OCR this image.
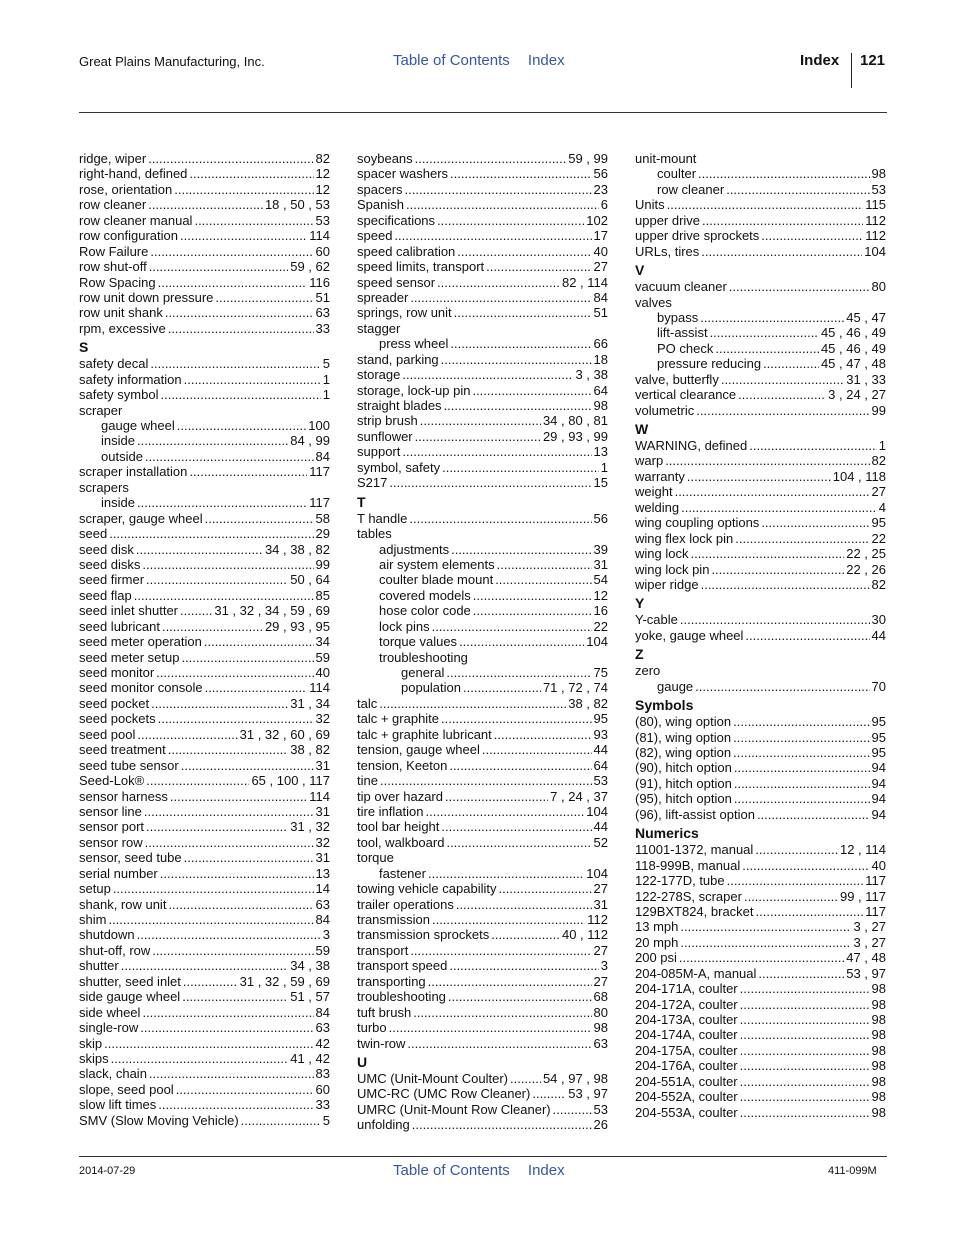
Great Plains Manufacturing, Inc.	Table of Contents Index	Index 121
ridge, wiper .....	82
right-hand, defined .....	12
rose, orientation .....	12
row cleaner .....	18 , 50 , 53
row cleaner manual .....	53
row configuration .....	114
Row Failure .....	60
row shut-off .....	59 , 62
Row Spacing .....	116
row unit down pressure .....	51
row unit shank .....	63
rpm, excessive .....	33
S
safety decal .....	5
safety information .....	1
safety symbol .....	1
scraper
gauge wheel .....	100
inside .....	84 , 99
outside .....	84
scraper installation .....	117
scrapers
inside .....	117
scraper, gauge wheel .....	58
seed .....	29
seed disk .....	34 , 38 , 82
seed disks .....	99
seed firmer .....	50 , 64
seed flap .....	85
seed inlet shutter .....	31 , 32 , 34 , 59 , 69
seed lubricant .....	29 , 93 , 95
seed meter operation .....	34
seed meter setup .....	59
seed monitor .....	40
seed monitor console .....	114
seed pocket .....	31 , 34
seed pockets .....	32
seed pool .....	31 , 32 , 60 , 69
seed treatment .....	38 , 82
seed tube sensor .....	31
Seed-Lok® .....	65 , 100 , 117
sensor harness .....	114
sensor line .....	31
sensor port .....	31 , 32
sensor row .....	32
sensor, seed tube .....	31
serial number .....	13
setup .....	14
shank, row unit .....	63
shim .....	84
shutdown .....	3
shut-off, row .....	59
shutter .....	34 , 38
shutter, seed inlet .....	31 , 32 , 59 , 69
side gauge wheel .....	51 , 57
side wheel .....	84
single-row .....	63
skip .....	42
skips .....	41 , 42
slack, chain .....	83
slope, seed pool .....	60
slow lift times .....	33
SMV (Slow Moving Vehicle) .....	5
soybeans .....	59 , 99
spacer washers .....	56
spacers .....	23
Spanish .....	6
specifications .....	102
speed .....	17
speed calibration .....	40
speed limits, transport .....	27
speed sensor .....	82 , 114
spreader .....	84
springs, row unit .....	51
stagger
press wheel .....	66
stand, parking .....	18
storage .....	3 , 38
storage, lock-up pin .....	64
straight blades .....	98
strip brush .....	34 , 80 , 81
sunflower .....	29 , 93 , 99
support .....	13
symbol, safety .....	1
S217 .....	15
T
T handle .....	56
tables
adjustments .....	39
air system elements .....	31
coulter blade mount .....	54
covered models .....	12
hose color code .....	16
lock pins .....	22
torque values .....	104
troubleshooting
general .....	75
population .....	71 , 72 , 74
talc .....	38 , 82
talc + graphite .....	95
talc + graphite lubricant .....	93
tension, gauge wheel .....	44
tension, Keeton .....	64
tine .....	53
tip over hazard .....	7 , 24 , 37
tire inflation .....	104
tool bar height .....	44
tool, walkboard .....	52
torque
fastener .....	104
towing vehicle capability .....	27
trailer operations .....	31
transmission .....	112
transmission sprockets .....	40 , 112
transport .....	27
transport speed .....	3
transporting .....	27
troubleshooting .....	68
tuft brush .....	80
turbo .....	98
twin-row .....	63
U
UMC (Unit-Mount Coulter) .....	54 , 97 , 98
UMC-RC (UMC Row Cleaner) .....	53 , 97
UMRC (Unit-Mount Row Cleaner) .....	53
unfolding .....	26
unit-mount
coulter .....	98
row cleaner .....	53
Units .....	115
upper drive .....	112
upper drive sprockets .....	112
URLs, tires .....	104
V
vacuum cleaner .....	80
valves
bypass .....	45 , 47
lift-assist .....	45 , 46 , 49
PO check .....	45 , 46 , 49
pressure reducing .....	45 , 47 , 48
valve, butterfly .....	31 , 33
vertical clearance .....	3 , 24 , 27
volumetric .....	99
W
WARNING, defined .....	1
warp .....	82
warranty .....	104 , 118
weight .....	27
welding .....	4
wing coupling options .....	95
wing flex lock pin .....	22
wing lock .....	22 , 25
wing lock pin .....	22 , 26
wiper ridge .....	82
Y
Y-cable .....	30
yoke, gauge wheel .....	44
Z
zero
gauge .....	70
Symbols
(80), wing option .....	95
(81), wing option .....	95
(82), wing option .....	95
(90), hitch option .....	94
(91), hitch option .....	94
(95), hitch option .....	94
(96), lift-assist option .....	94
Numerics
11001-1372, manual .....	12 , 114
118-999B, manual .....	40
122-177D, tube .....	117
122-278S, scraper .....	99 , 117
129BXT824, bracket .....	117
13 mph .....	3 , 27
20 mph .....	3 , 27
200 psi .....	47 , 48
204-085M-A, manual .....	53 , 97
204-171A, coulter .....	98
204-172A, coulter .....	98
204-173A, coulter .....	98
204-174A, coulter .....	98
204-175A, coulter .....	98
204-176A, coulter .....	98
204-551A, coulter .....	98
204-552A, coulter .....	98
204-553A, coulter .....	98
2014-07-29	Table of Contents Index	411-099M
